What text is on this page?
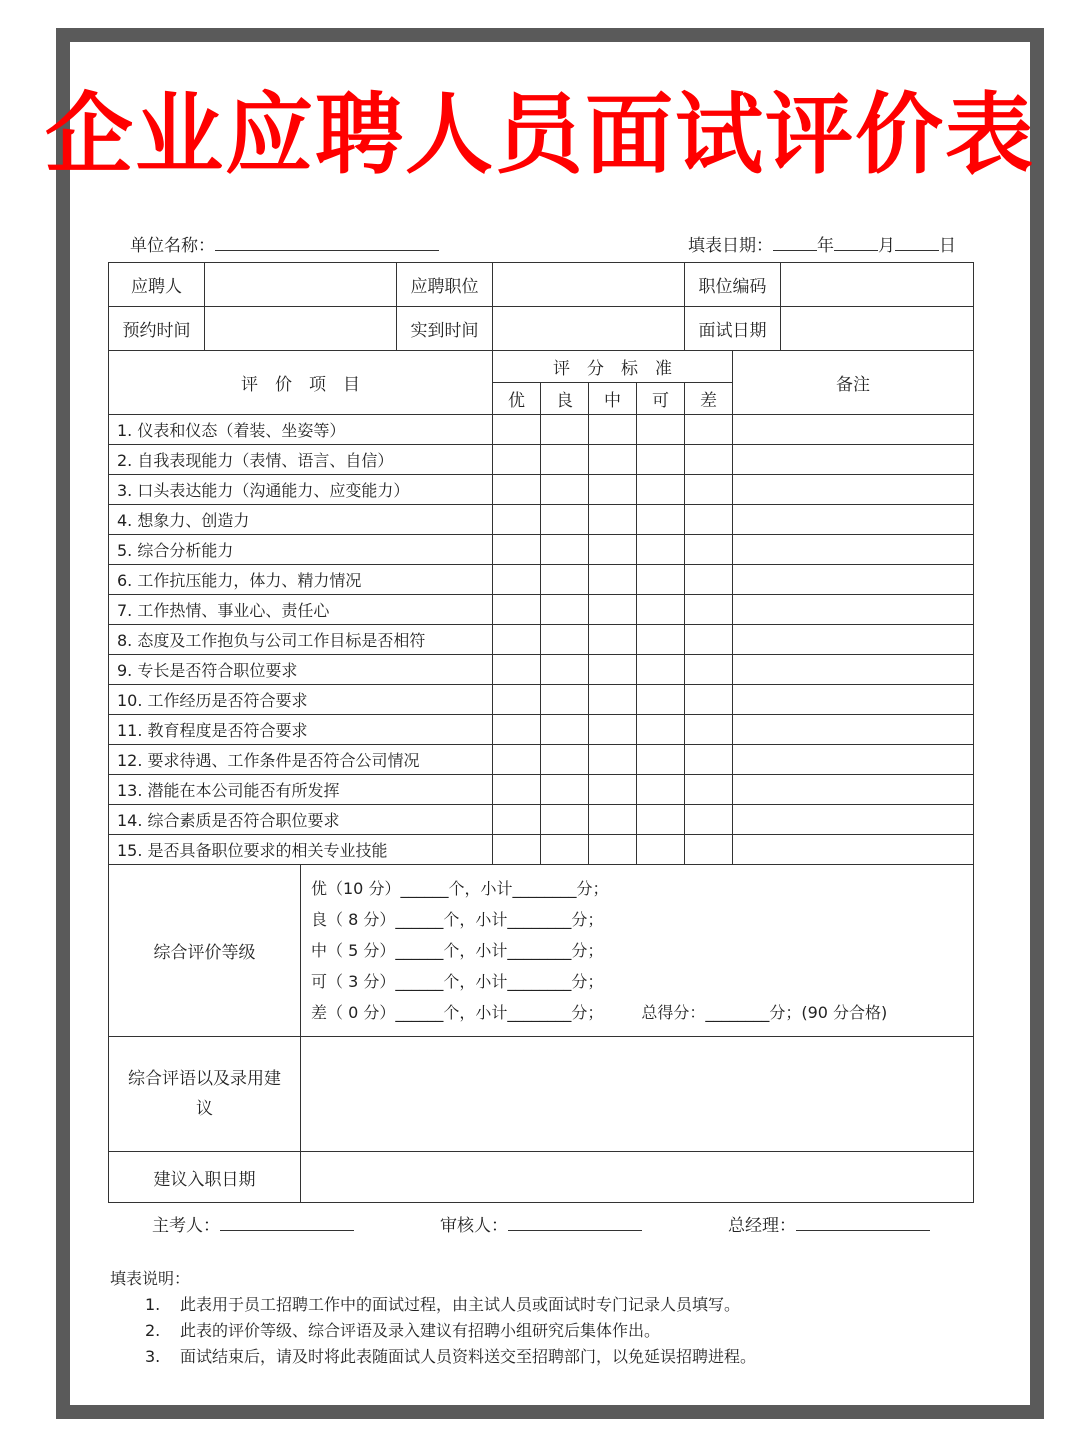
企业应聘人员面试评价表
单位名称：	填表日期：	年	月	日
应聘人			应聘职位					职位编码		
预约时间			实到时间					面试日期		
评　价　项　目				评　分　标　准					备注	
				优	良	中	可	差		
1. 仪表和仪态（着装、坐姿等）										
2. 自我表现能力（表情、语言、自信）										
3. 口头表达能力（沟通能力、应变能力）										
4. 想象力、创造力										
5. 综合分析能力										
6. 工作抗压能力，体力、精力情况										
7. 工作热情、事业心、责任心										
8. 态度及工作抱负与公司工作目标是否相符										
9. 专长是否符合职位要求										
10. 工作经历是否符合要求										
11. 教育程度是否符合要求										
12. 要求待遇、工作条件是否符合公司情况										
13. 潜能在本公司能否有所发挥										
14. 综合素质是否符合职位要求										
15. 是否具备职位要求的相关专业技能										
综合评价等级		优（10 分）______个，小计________分；
良（ 8 分）______个，小计________分；
中（ 5 分）______个，小计________分；
可（ 3 分）______个，小计________分；
差（ 0 分）______个，小计________分； 总得分：________分；(90 分合格)								

综合评语以及录用建议										
建议入职日期										
主考人：	审核人：	总经理：
填表说明：
1.	此表用于员工招聘工作中的面试过程，由主试人员或面试时专门记录人员填写。
2.	此表的评价等级、综合评语及录入建议有招聘小组研究后集体作出。
3.	面试结束后，请及时将此表随面试人员资料送交至招聘部门，以免延误招聘进程。
